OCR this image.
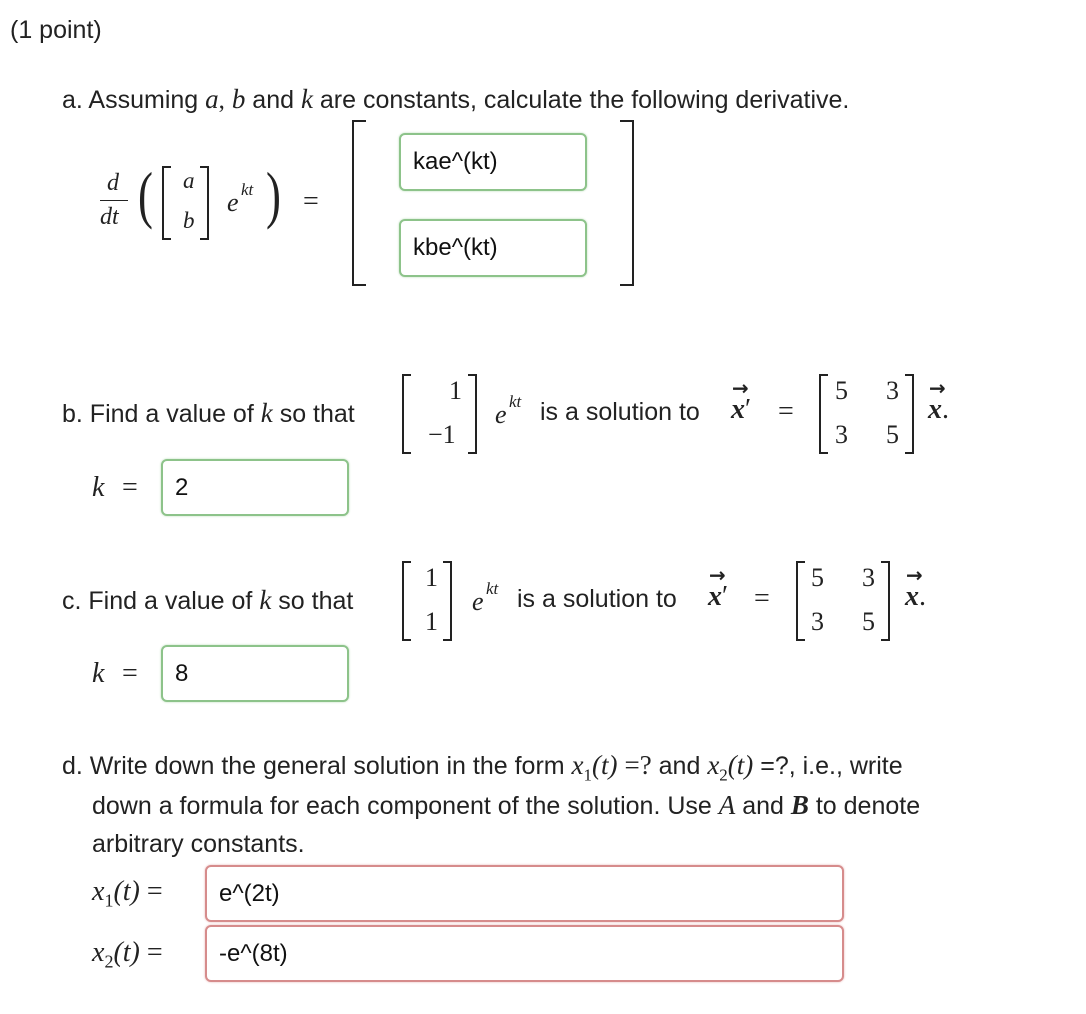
(1 point)
a. Assuming a, b and k are constants, calculate the following derivative.
d
dt ( a
b
e kt ) =
kae^(kt)
kbe^(kt)
b. Find a value of k so that
1
−1
e kt is a solution to
→
x′ =
5 3
3 5
→
x.
k =	2
c. Find a value of k so that
1
1
e kt is a solution to
→
x′ =
5 3
3 5
→
x.
k =	8
d. Write down the general solution in the form $x_1(t)$ =? and $x_2(t)$ =?, i.e., write
down a formula for each component of the solution. Use A and B to denote
arbitrary constants.
$x_1(t)$ =	e^(2t)
$x_2(t)$ =	-e^(8t)
